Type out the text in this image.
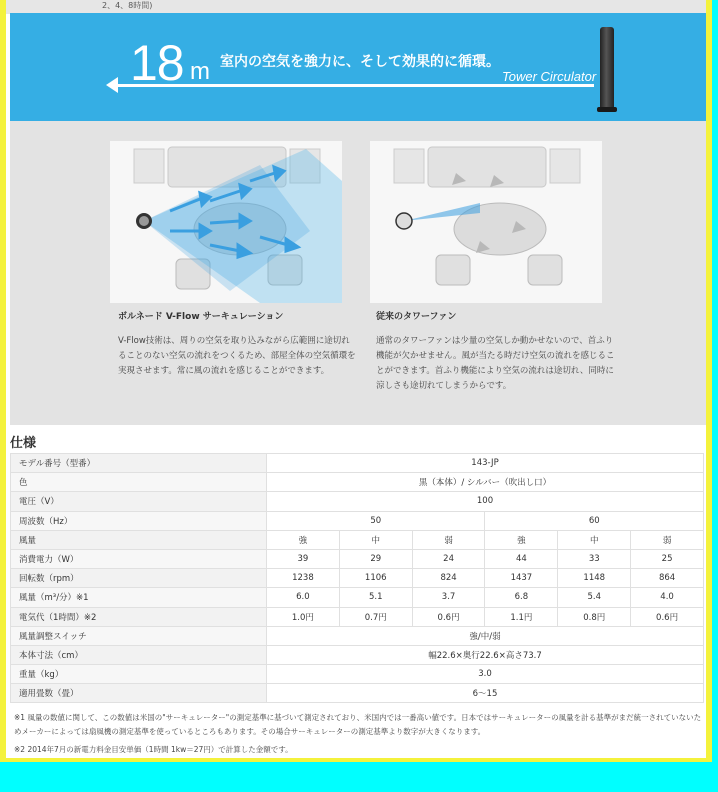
2、4、8時間)
18 m 室内の空気を強力に、そして効果的に循環。
Tower Circulator
ボルネード V-Flow サーキュレーション
V-Flow技術は、周りの空気を取り込みながら広範囲に途切れることのない空気の流れをつくるため、部屋全体の空気循環を実現させます。常に風の流れを感じることができます。
従来のタワーファン
通常のタワーファンは少量の空気しか動かせないので、首ふり機能が欠かせません。風が当たる時だけ空気の流れを感じることができます。首ふり機能により空気の流れは途切れ、同時に涼しさも途切れてしまうからです。
仕様
モデル番号（型番）	143-JP					
色	黒（本体）/ シルバー（吹出し口）					
電圧（V）	100					
周波数（Hz）	50			60		
風量	強	中	弱	強	中	弱
消費電力（W）	39	29	24	44	33	25
回転数（rpm）	1238	1106	824	1437	1148	864
風量（m³/分）※1	6.0	5.1	3.7	6.8	5.4	4.0
電気代（1時間）※2	1.0円	0.7円	0.6円	1.1円	0.8円	0.6円
風量調整スイッチ	強/中/弱					
本体寸法（cm）	幅22.6×奥行22.6×高さ73.7					
重量（kg）	3.0					
適用畳数（畳）	6〜15					

※1 風量の数値に関して、この数値は米国の"サーキュレーター"の測定基準に基づいて測定されており、米国内では一番高い値です。日本ではサーキュレーターの風量を計る基準がまだ統一されていないためメーカーによっては扇風機の測定基準を使っているところもあります。その場合サーキュレーターの測定基準より数字が大きくなります。

※2 2014年7月の新電力料金目安単価（1時間 1kw＝27円）で計算した金額です。
